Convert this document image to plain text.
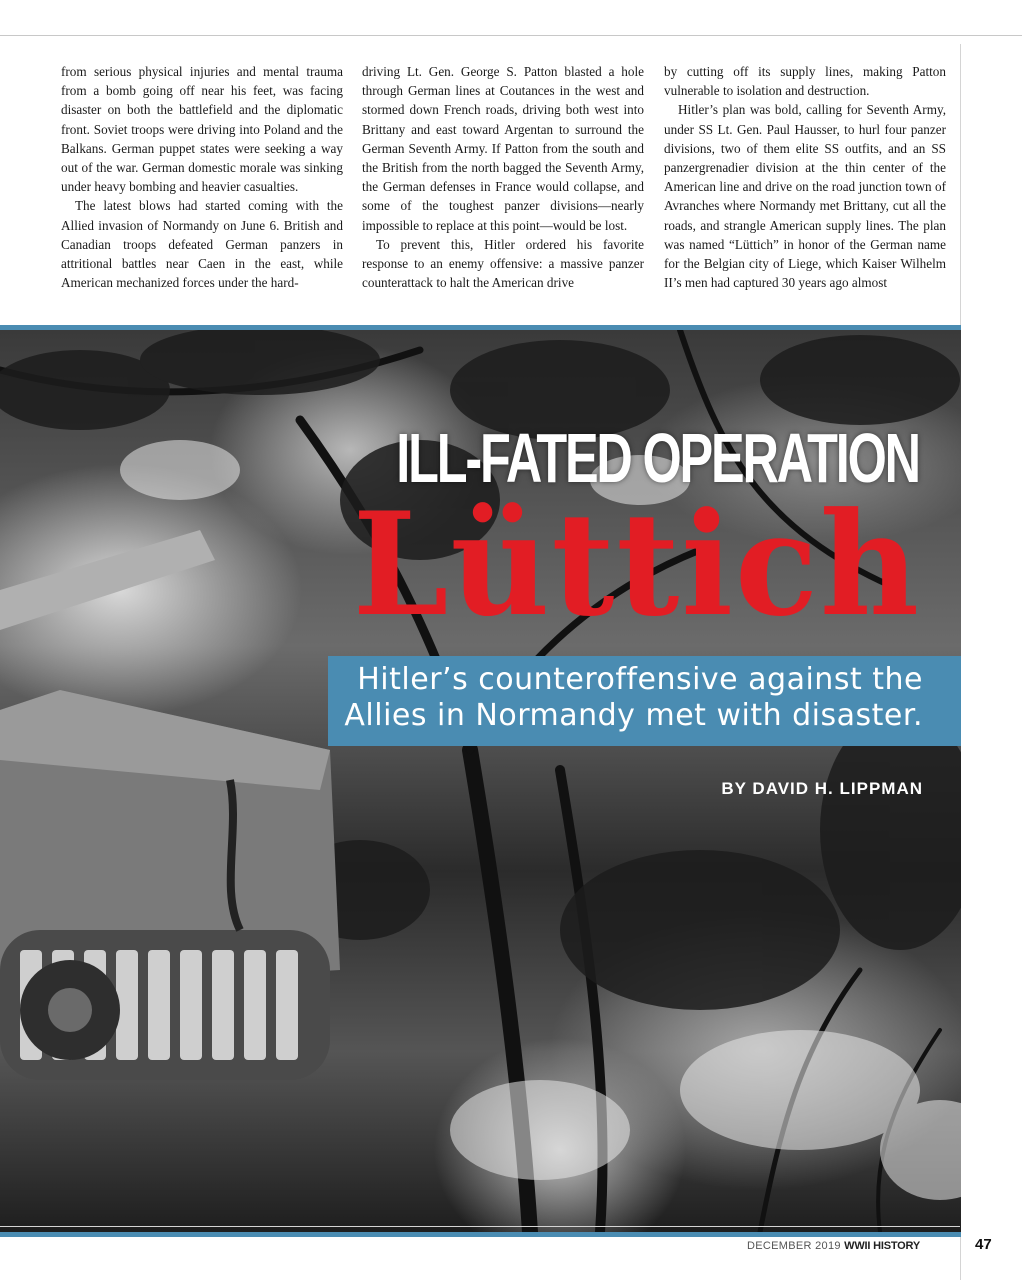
from serious physical injuries and mental trauma from a bomb going off near his feet, was facing disaster on both the battlefield and the diplomatic front. Soviet troops were driving into Poland and the Balkans. German puppet states were seeking a way out of the war. German domestic morale was sinking under heavy bombing and heavier casualties.

The latest blows had started coming with the Allied invasion of Normandy on June 6. British and Canadian troops defeated German panzers in attritional battles near Caen in the east, while American mechanized forces under the hard-

driving Lt. Gen. George S. Patton blasted a hole through German lines at Coutances in the west and stormed down French roads, driving both west into Brittany and east toward Argentan to surround the German Seventh Army. If Patton from the south and the British from the north bagged the Seventh Army, the German defenses in France would collapse, and some of the toughest panzer divisions—nearly impossible to replace at this point—would be lost.

To prevent this, Hitler ordered his favorite response to an enemy offensive: a massive panzer counterattack to halt the American drive

by cutting off its supply lines, making Patton vulnerable to isolation and destruction.

Hitler’s plan was bold, calling for Seventh Army, under SS Lt. Gen. Paul Hausser, to hurl four panzer divisions, two of them elite SS outfits, and an SS panzergrenadier division at the thin center of the American line and drive on the road junction town of Avranches where Normandy met Brittany, cut all the roads, and strangle American supply lines. The plan was named “Lüttich” in honor of the German name for the Belgian city of Liege, which Kaiser Wilhelm II’s men had captured 30 years ago almost

ILL-FATED OPERATION
Lüttich
Hitler’s counteroffensive against the Allies in Normandy met with disaster.
BY DAVID H. LIPPMAN
DECEMBER 2019 WWII HISTORY	47
